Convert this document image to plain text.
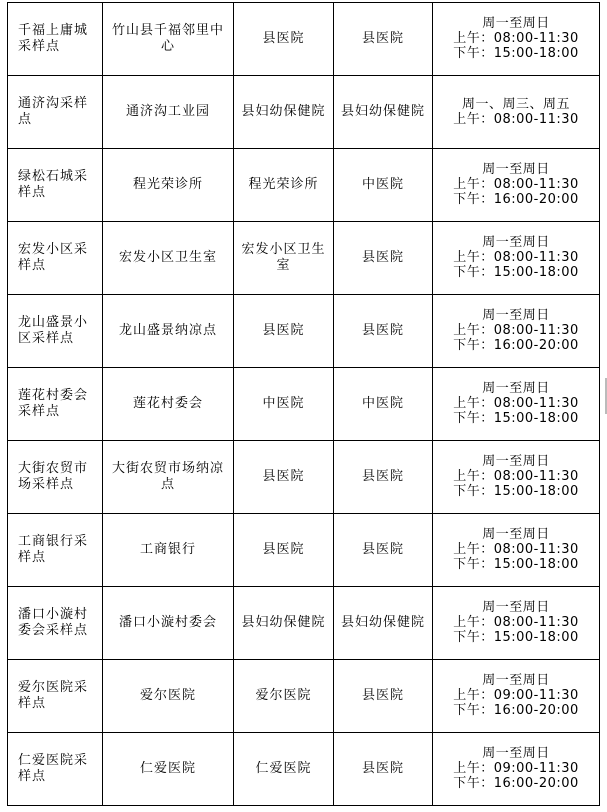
千福上庸城采样点	竹山县千福邻里中心	县医院	县医院	周一至周日
上午：08:00-11:30
下午：15:00-18:00

通济沟采样点	通济沟工业园	县妇幼保健院	县妇幼保健院	周一、周三、周五
上午：08:00-11:30

绿松石城采样点	程光荣诊所	程光荣诊所	中医院	周一至周日
上午：08:00-11:30
下午：16:00-20:00

宏发小区采样点	宏发小区卫生室	宏发小区卫生室	县医院	周一至周日
上午：08:00-11:30
下午：15:00-18:00

龙山盛景小区采样点	龙山盛景纳凉点	县医院	县医院	周一至周日
上午：08:00-11:30
下午：16:00-20:00

莲花村委会采样点	莲花村委会	中医院	中医院	周一至周日
上午：08:00-11:30
下午：15:00-18:00

大街农贸市场采样点	大街农贸市场纳凉点	县医院	县医院	周一至周日
上午：08:00-11:30
下午：15:00-18:00

工商银行采样点	工商银行	县医院	县医院	周一至周日
上午：08:00-11:30
下午：15:00-18:00

潘口小漩村委会采样点	潘口小漩村委会	县妇幼保健院	县妇幼保健院	周一至周日
上午：08:00-11:30
下午：15:00-18:00

爱尔医院采样点	爱尔医院	爱尔医院	县医院	周一至周日
上午：09:00-11:30
下午：16:00-20:00

仁爱医院采样点	仁爱医院	仁爱医院	县医院	周一至周日
上午：09:00-11:30
下午：16:00-20:00
